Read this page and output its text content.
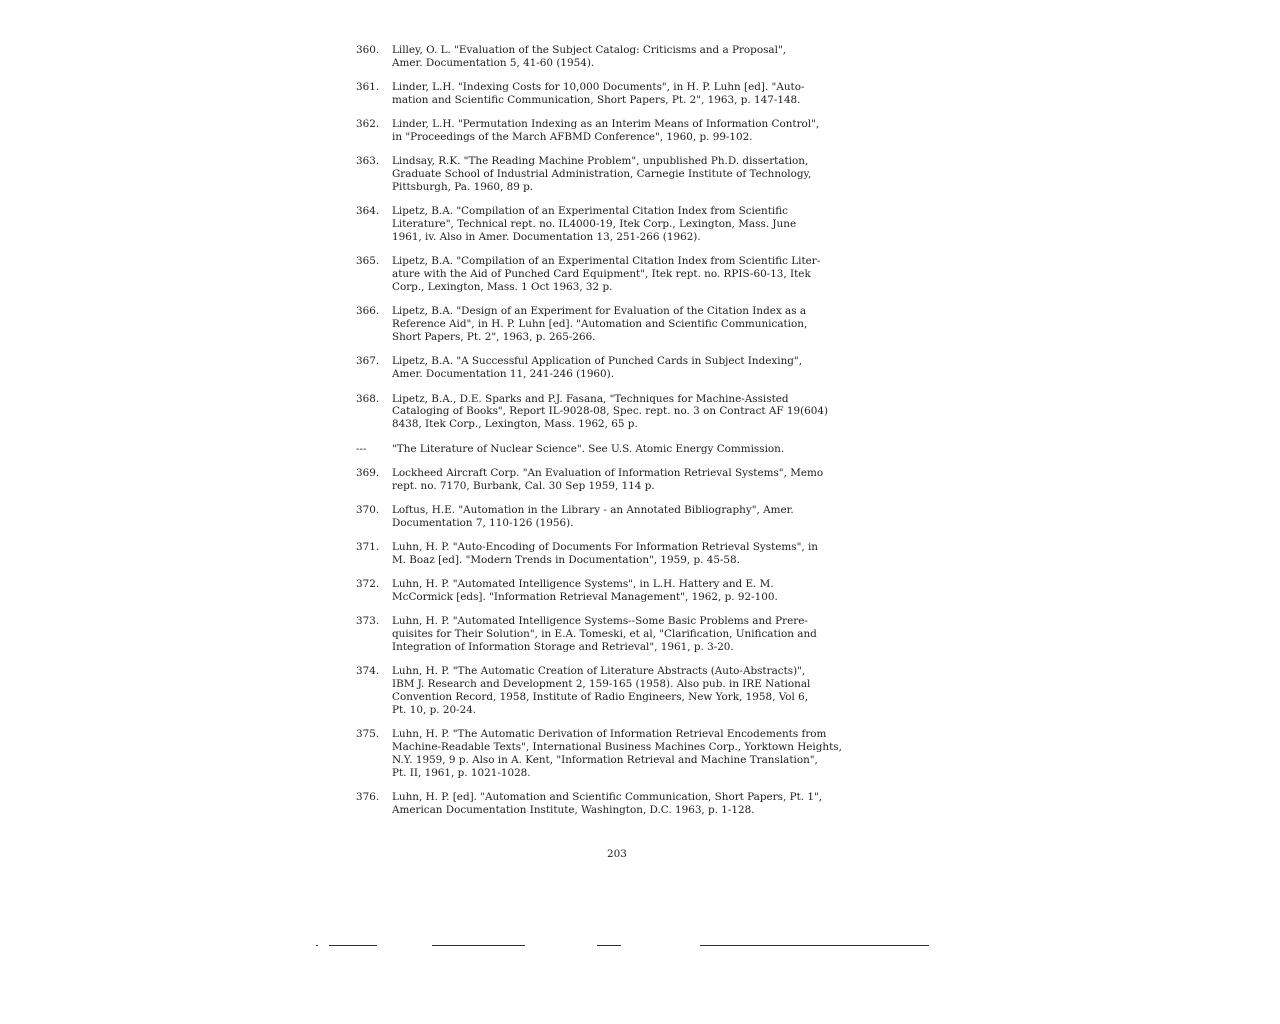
360.	Lilley, O. L. "Evaluation of the Subject Catalog: Criticisms and a Proposal",
Amer. Documentation 5, 41-60 (1954).
361.	Linder, L.H. "Indexing Costs for 10,000 Documents", in H. P. Luhn [ed]. "Auto-
mation and Scientific Communication, Short Papers, Pt. 2", 1963, p. 147-148.
362.	Linder, L.H. "Permutation Indexing as an Interim Means of Information Control",
in "Proceedings of the March AFBMD Conference", 1960, p. 99-102.
363.	Lindsay, R.K. "The Reading Machine Problem", unpublished Ph.D. dissertation,
Graduate School of Industrial Administration, Carnegie Institute of Technology,
Pittsburgh, Pa. 1960, 89 p.
364.	Lipetz, B.A. "Compilation of an Experimental Citation Index from Scientific
Literature", Technical rept. no. IL4000-19, Itek Corp., Lexington, Mass. June
1961, iv. Also in Amer. Documentation 13, 251-266 (1962).
365.	Lipetz, B.A. "Compilation of an Experimental Citation Index from Scientific Liter-
ature with the Aid of Punched Card Equipment", Itek rept. no. RPIS-60-13, Itek
Corp., Lexington, Mass. 1 Oct 1963, 32 p.
366.	Lipetz, B.A. "Design of an Experiment for Evaluation of the Citation Index as a
Reference Aid", in H. P. Luhn [ed]. "Automation and Scientific Communication,
Short Papers, Pt. 2", 1963, p. 265-266.
367.	Lipetz, B.A. "A Successful Application of Punched Cards in Subject Indexing",
Amer. Documentation 11, 241-246 (1960).
368.	Lipetz, B.A., D.E. Sparks and P.J. Fasana, "Techniques for Machine-Assisted
Cataloging of Books", Report IL-9028-08, Spec. rept. no. 3 on Contract AF 19(604)
8438, Itek Corp., Lexington, Mass. 1962, 65 p.
---	"The Literature of Nuclear Science". See U.S. Atomic Energy Commission.
369.	Lockheed Aircraft Corp. "An Evaluation of Information Retrieval Systems", Memo
rept. no. 7170, Burbank, Cal. 30 Sep 1959, 114 p.
370.	Loftus, H.E. "Automation in the Library - an Annotated Bibliography", Amer.
Documentation 7, 110-126 (1956).
371.	Luhn, H. P. "Auto-Encoding of Documents For Information Retrieval Systems", in
M. Boaz [ed]. "Modern Trends in Documentation", 1959, p. 45-58.
372.	Luhn, H. P. "Automated Intelligence Systems", in L.H. Hattery and E. M.
McCormick [eds]. "Information Retrieval Management", 1962, p. 92-100.
373.	Luhn, H. P. "Automated Intelligence Systems--Some Basic Problems and Prere-
quisites for Their Solution", in E.A. Tomeski, et al, "Clarification, Unification and
Integration of Information Storage and Retrieval", 1961, p. 3-20.
374.	Luhn, H. P. "The Automatic Creation of Literature Abstracts (Auto-Abstracts)",
IBM J. Research and Development 2, 159-165 (1958). Also pub. in IRE National
Convention Record, 1958, Institute of Radio Engineers, New York, 1958, Vol 6,
Pt. 10, p. 20-24.
375.	Luhn, H. P. "The Automatic Derivation of Information Retrieval Encodements from
Machine-Readable Texts", International Business Machines Corp., Yorktown Heights,
N.Y. 1959, 9 p. Also in A. Kent, "Information Retrieval and Machine Translation",
Pt. II, 1961, p. 1021-1028.
376.	Luhn, H. P. [ed]. "Automation and Scientific Communication, Short Papers, Pt. 1",
American Documentation Institute, Washington, D.C. 1963, p. 1-128.
203
